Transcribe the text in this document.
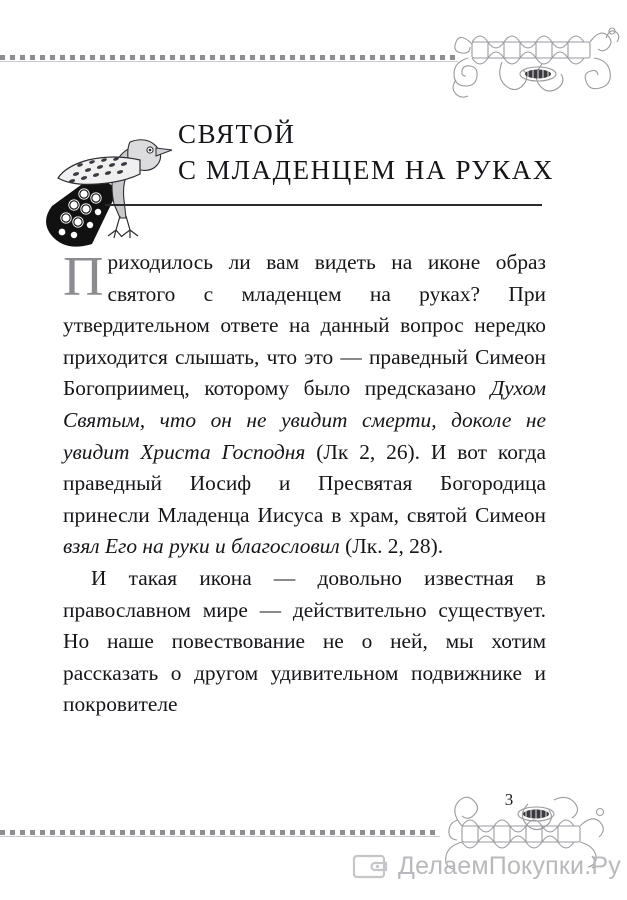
СВЯТОЙ
С МЛАДЕНЦЕМ НА РУКАХ

Приходилось ли вам видеть на иконе образ святого с младенцем на руках? При утвердительном ответе на данный вопрос нередко приходится слышать, что это — праведный Симеон Богоприимец, которому было предсказано Духом Святым, что он не увидит смерти, доколе не увидит Христа Господня (Лк 2, 26). И вот когда праведный Иосиф и Пресвятая Богородица принесли Младенца Иисуса в храм, святой Симеон взял Его на руки и благословил (Лк. 2, 28).

И такая икона — довольно известная в православном мире — действительно существует. Но наше повествование не о ней, мы хотим рассказать о другом удивительном подвижнике и покровителе

3
ДелаемПокупки.Ру
